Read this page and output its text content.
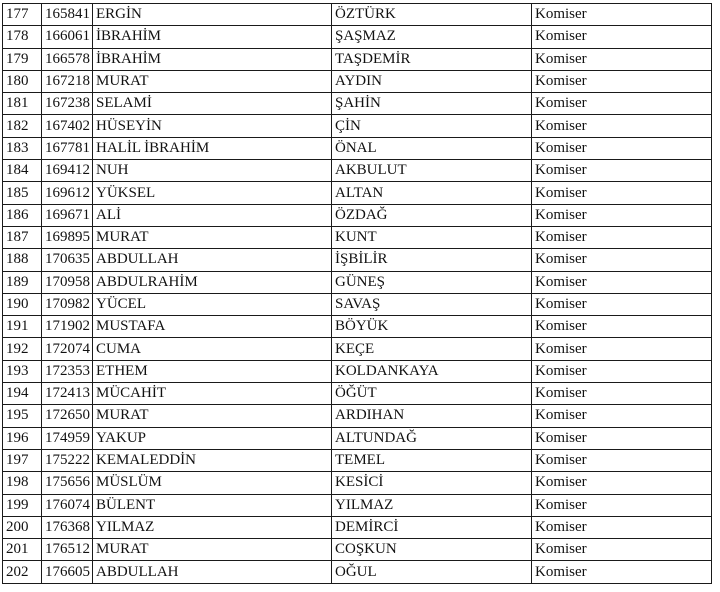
177	165841	ERGİN	ÖZTÜRK	Komiser
178	166061	İBRAHİM	ŞAŞMAZ	Komiser
179	166578	İBRAHİM	TAŞDEMİR	Komiser
180	167218	MURAT	AYDIN	Komiser
181	167238	SELAMİ	ŞAHİN	Komiser
182	167402	HÜSEYİN	ÇİN	Komiser
183	167781	HALİL İBRAHİM	ÖNAL	Komiser
184	169412	NUH	AKBULUT	Komiser
185	169612	YÜKSEL	ALTAN	Komiser
186	169671	ALİ	ÖZDAĞ	Komiser
187	169895	MURAT	KUNT	Komiser
188	170635	ABDULLAH	İŞBİLİR	Komiser
189	170958	ABDULRAHİM	GÜNEŞ	Komiser
190	170982	YÜCEL	SAVAŞ	Komiser
191	171902	MUSTAFA	BÖYÜK	Komiser
192	172074	CUMA	KEÇE	Komiser
193	172353	ETHEM	KOLDANKAYA	Komiser
194	172413	MÜCAHİT	ÖĞÜT	Komiser
195	172650	MURAT	ARDIHAN	Komiser
196	174959	YAKUP	ALTUNDAĞ	Komiser
197	175222	KEMALEDDİN	TEMEL	Komiser
198	175656	MÜSLÜM	KESİCİ	Komiser
199	176074	BÜLENT	YILMAZ	Komiser
200	176368	YILMAZ	DEMİRCİ	Komiser
201	176512	MURAT	COŞKUN	Komiser
202	176605	ABDULLAH	OĞUL	Komiser
